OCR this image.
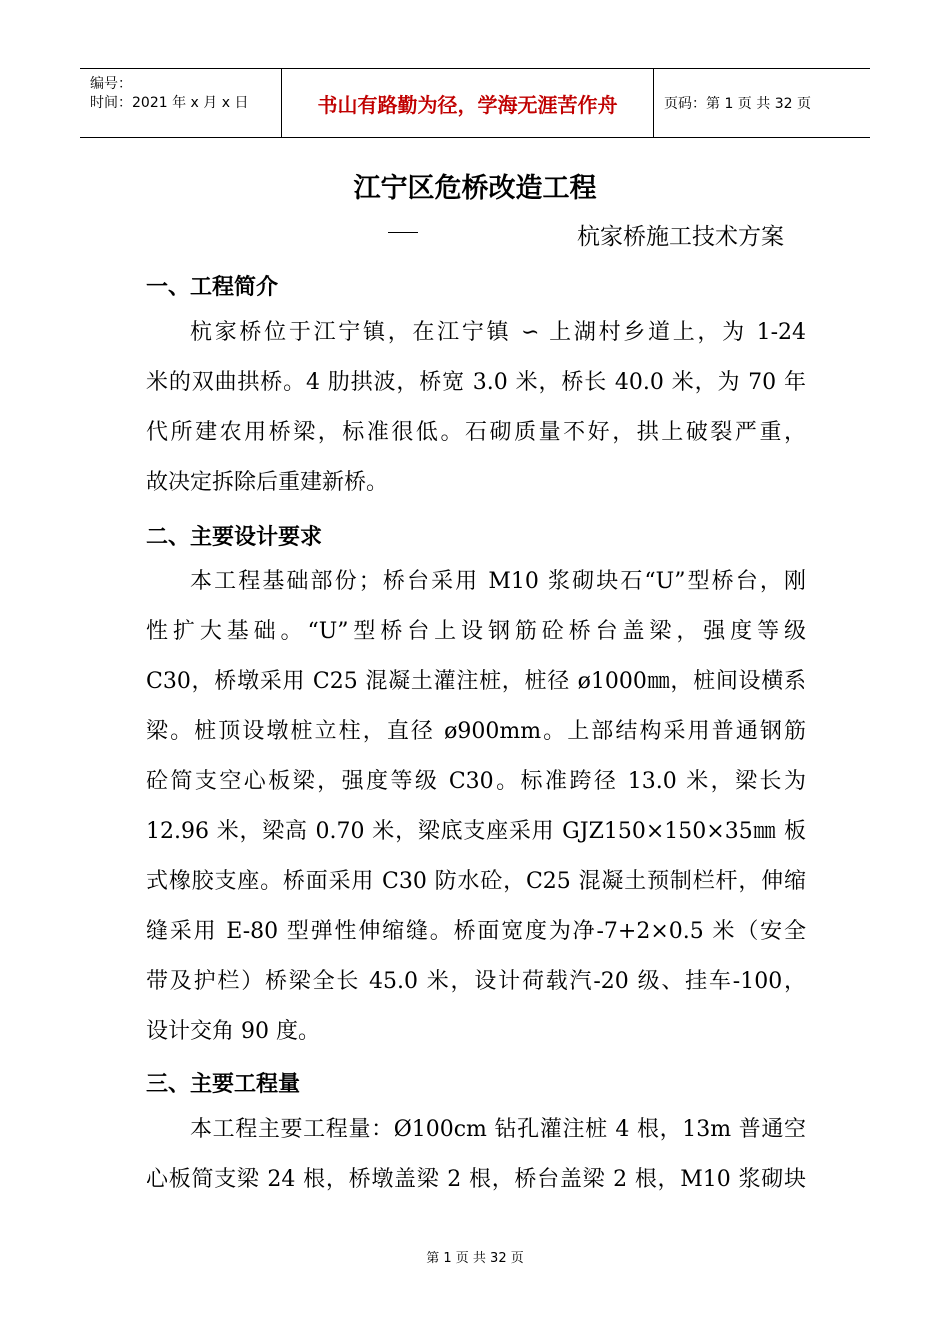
编号：
时间：2021 年 x 月 x 日	书山有路勤为径，学海无涯苦作舟	页码：第 1 页 共 32 页
江宁区危桥改造工程
杭家桥施工技术方案
一、工程简介
杭家桥位于江宁镇，在江宁镇 ∽ 上湖村乡道上，为 1-24
米的双曲拱桥。4 肋拱波，桥宽 3.0 米，桥长 40.0 米，为 70 年
代所建农用桥梁，标准很低。石砌质量不好，拱上破裂严重，
故决定拆除后重建新桥。
二、主要设计要求
本工程基础部份；桥台采用 M10 浆砌块石“U”型桥台，刚
性扩大基础。“U”型桥台上设钢筋砼桥台盖梁，强度等级
C30，桥墩采用 C25 混凝土灌注桩，桩径 ø1000㎜，桩间设横系
梁。桩顶设墩桩立柱，直径 ø900mm。上部结构采用普通钢筋
砼简支空心板梁，强度等级 C30。标准跨径 13.0 米，梁长为
12.96 米，梁高 0.70 米，梁底支座采用 GJZ150×150×35㎜ 板
式橡胶支座。桥面采用 C30 防水砼，C25 混凝土预制栏杆，伸缩
缝采用 E-80 型弹性伸缩缝。桥面宽度为净-7+2×0.5 米（安全
带及护栏）桥梁全长 45.0 米，设计荷载汽-20 级、挂车-100，
设计交角 90 度。
三、主要工程量
本工程主要工程量：Ø100cm 钻孔灌注桩 4 根，13m 普通空
心板简支梁 24 根，桥墩盖梁 2 根，桥台盖梁 2 根，M10 浆砌块
第 1 页 共 32 页
